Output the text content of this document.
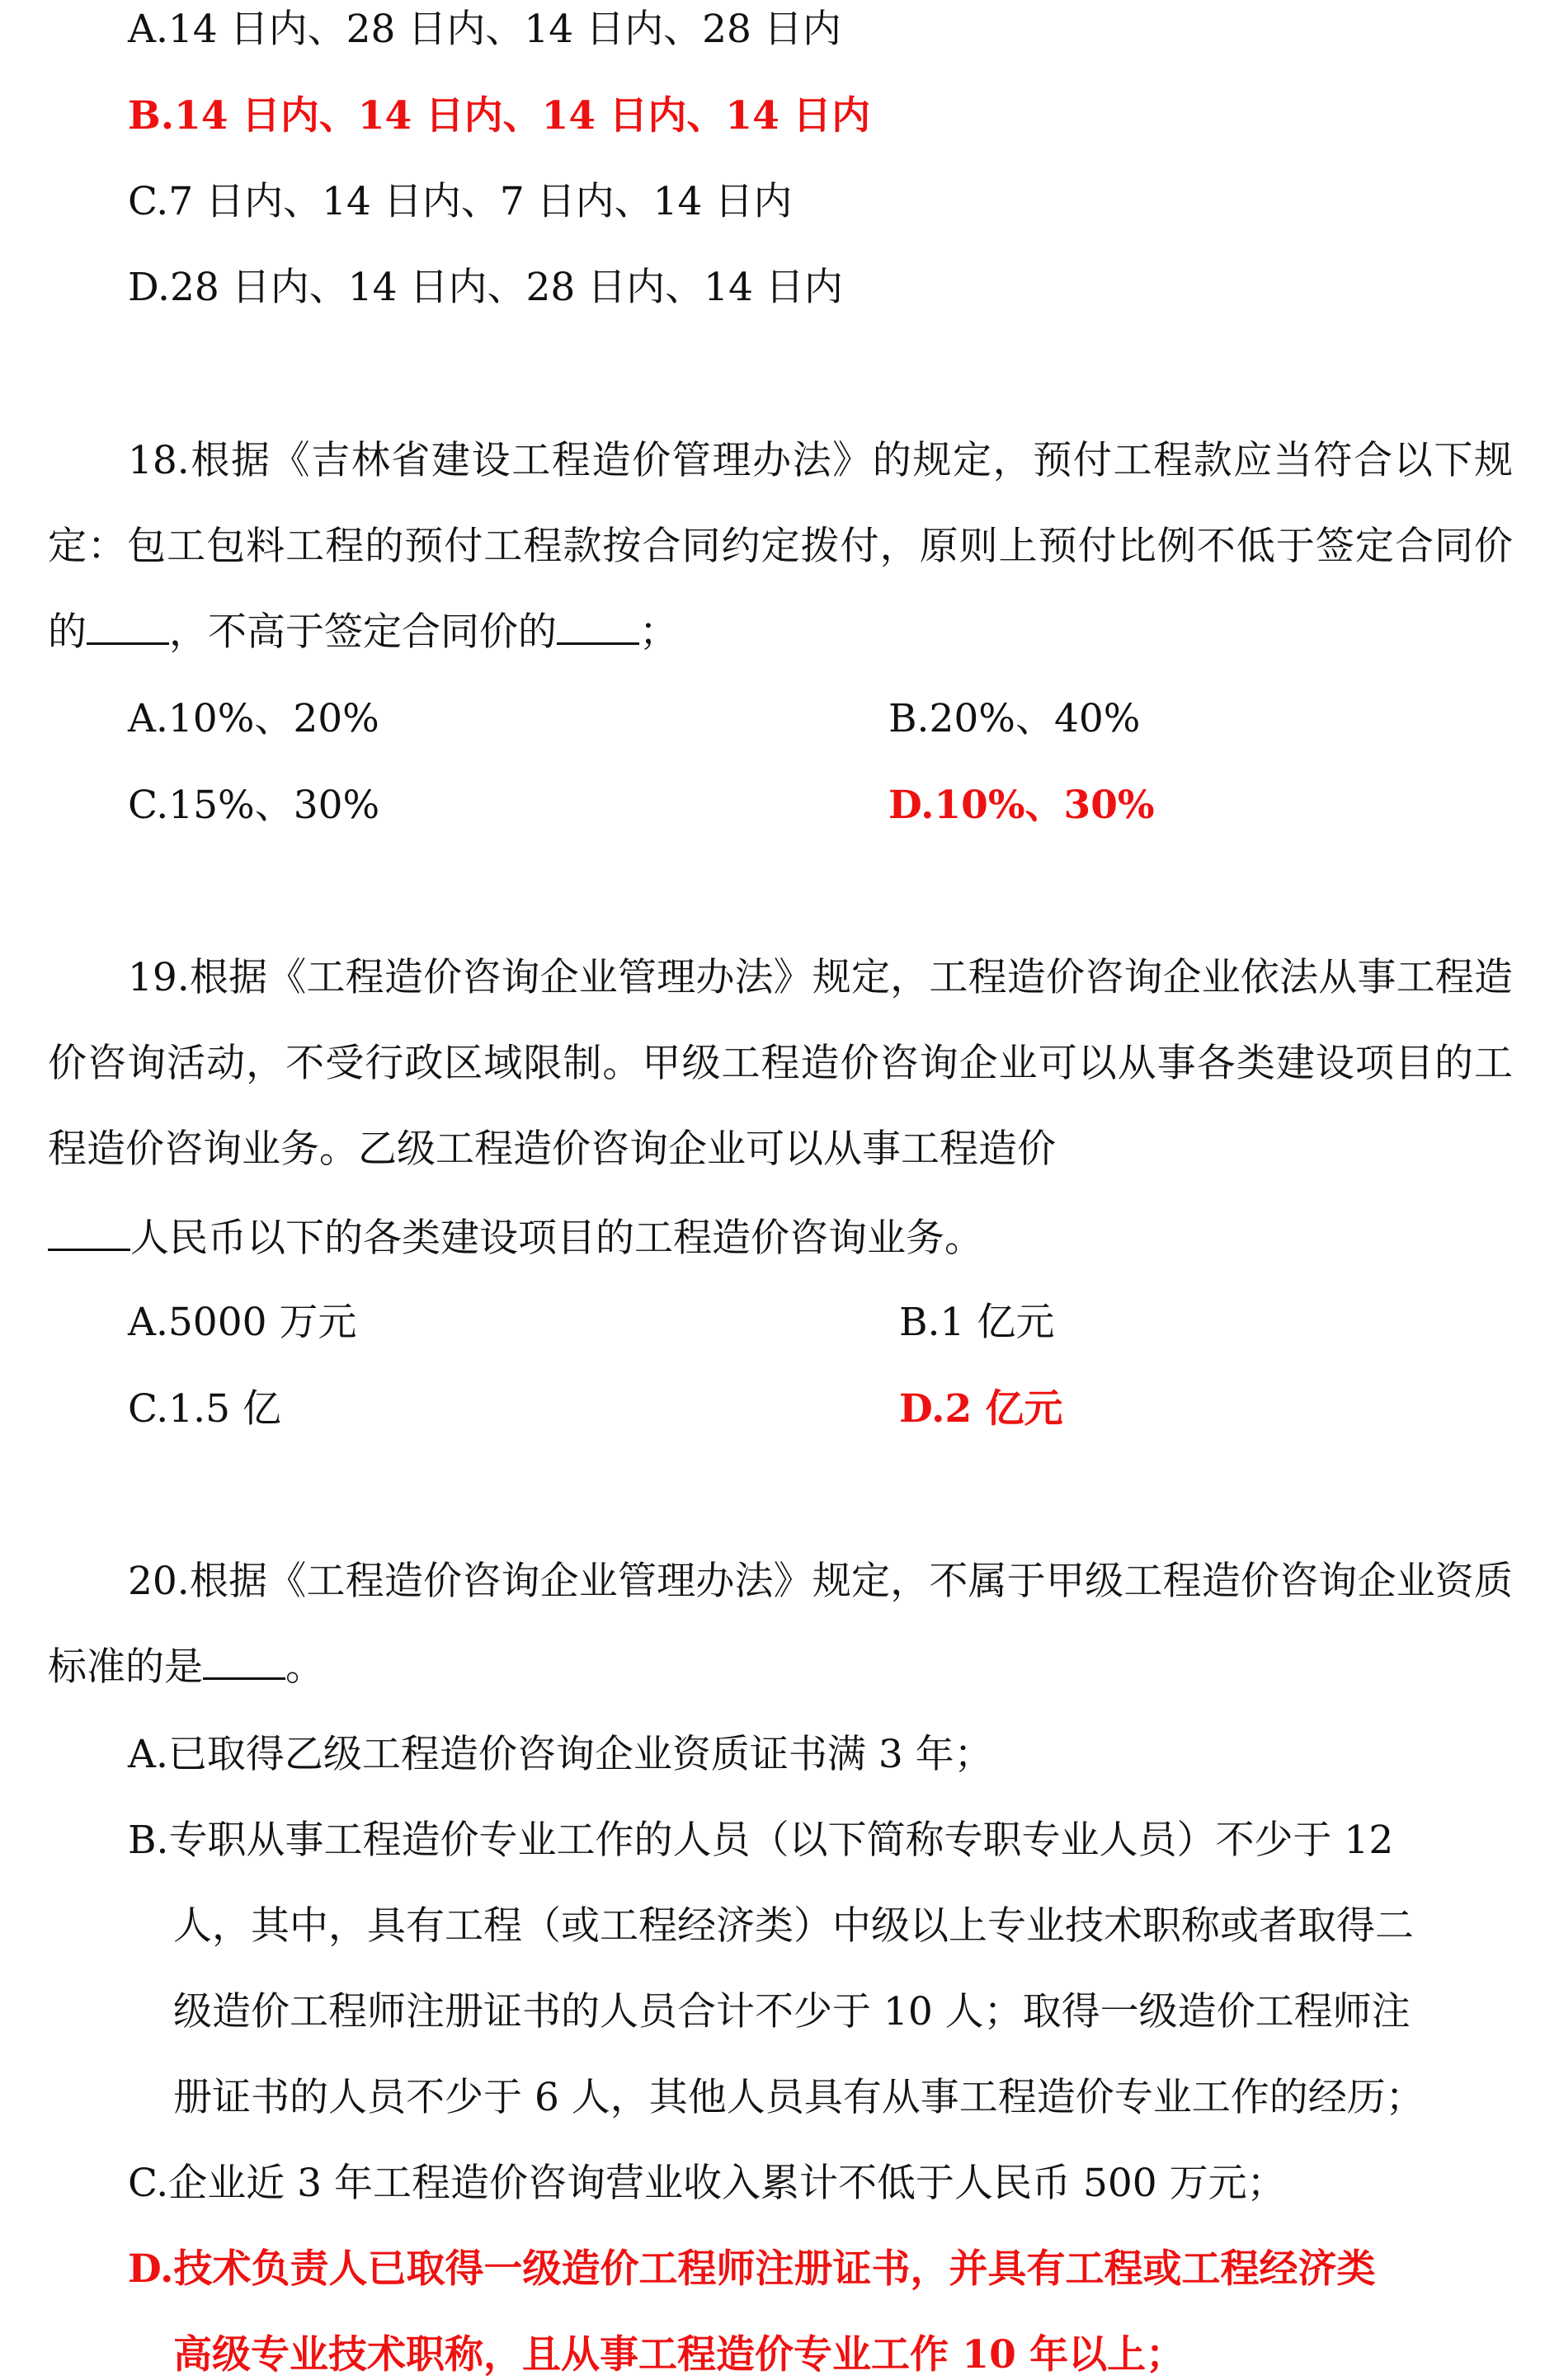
A.14 日内、28 日内、14 日内、28 日内
B.14 日内、14 日内、14 日内、14 日内
C.7 日内、14 日内、7 日内、14 日内
D.28 日内、14 日内、28 日内、14 日内
18.根据《吉林省建设工程造价管理办法》的规定，预付工程款应当符合以下规定：包工包料工程的预付工程款按合同约定拨付，原则上预付比例不低于签定合同价的 ，不高于签定合同价的 ；
A.10%、20%	B.20%、40%
C.15%、30%	D.10%、30%
19.根据《工程造价咨询企业管理办法》规定，工程造价咨询企业依法从事工程造价咨询活动，不受行政区域限制。甲级工程造价咨询企业可以从事各类建设项目的工程造价咨询业务。乙级工程造价咨询企业可以从事工程造价
人民币以下的各类建设项目的工程造价咨询业务。
A.5000 万元	B.1 亿元
C.1.5 亿	D.2 亿元
20.根据《工程造价咨询企业管理办法》规定，不属于甲级工程造价咨询企业资质标准的是 。
A.已取得乙级工程造价咨询企业资质证书满 3 年；
B.专职从事工程造价专业工作的人员（以下简称专职专业人员）不少于 12
人，其中，具有工程（或工程经济类）中级以上专业技术职称或者取得二
级造价工程师注册证书的人员合计不少于 10 人；取得一级造价工程师注
册证书的人员不少于 6 人，其他人员具有从事工程造价专业工作的经历；
C.企业近 3 年工程造价咨询营业收入累计不低于人民币 500 万元；
D.技术负责人已取得一级造价工程师注册证书，并具有工程或工程经济类
高级专业技术职称，且从事工程造价专业工作 10 年以上；
